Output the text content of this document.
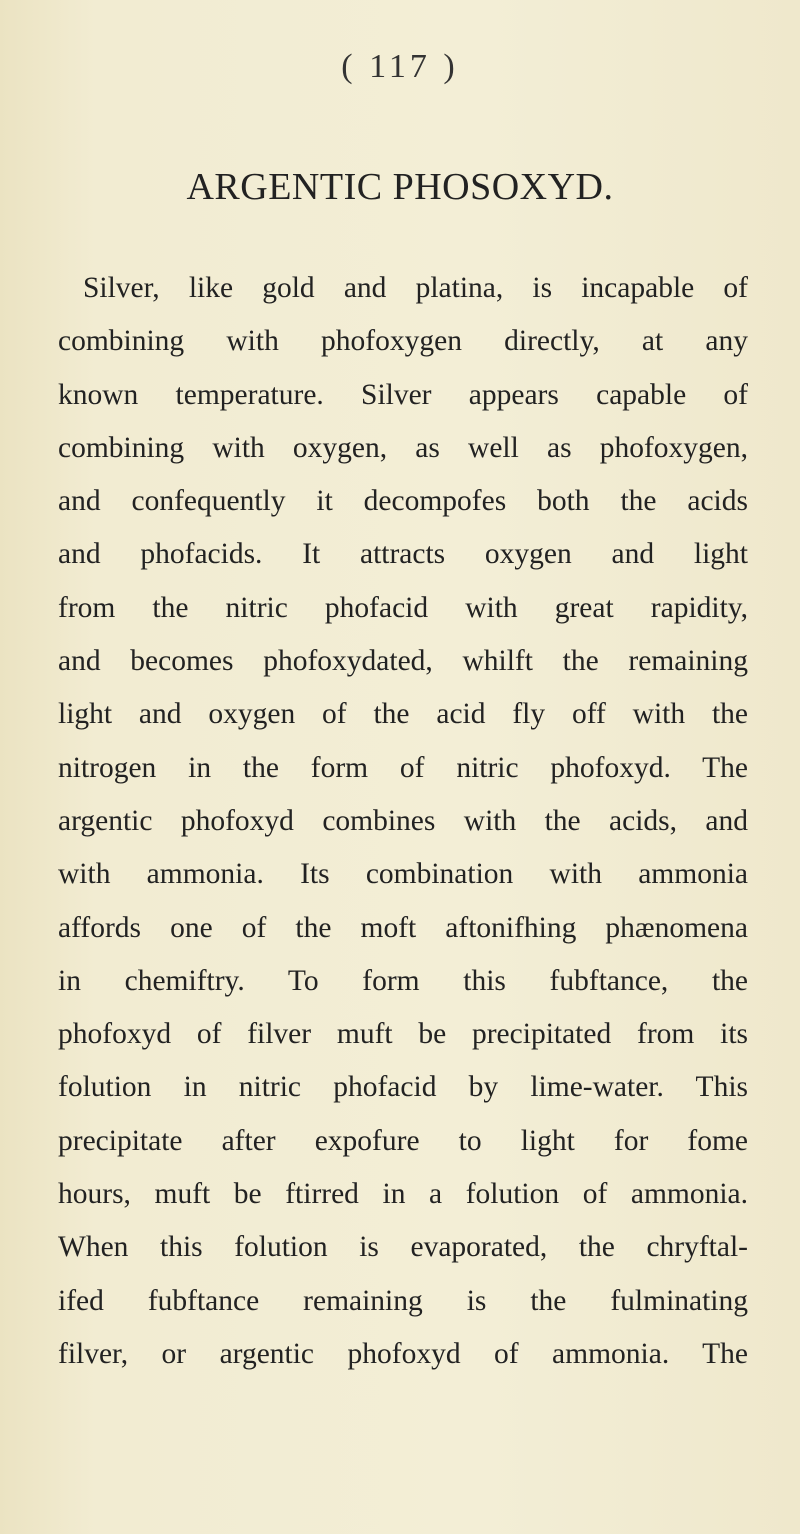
( 117 )
ARGENTIC PHOSOXYD.
Silver, like gold and platina, is incapable of
combining with phofoxygen directly, at any
known temperature. Silver appears capable of
combining with oxygen, as well as phofoxygen,
and confequently it decompofes both the acids
and phofacids. It attracts oxygen and light
from the nitric phofacid with great rapidity,
and becomes phofoxydated, whilft the remaining
light and oxygen of the acid fly off with the
nitrogen in the form of nitric phofoxyd. The
argentic phofoxyd combines with the acids, and
with ammonia. Its combination with ammonia
affords one of the moft aftonifhing phænomena
in chemiftry. To form this fubftance, the
phofoxyd of filver muft be precipitated from its
folution in nitric phofacid by lime-water. This
precipitate after expofure to light for fome
hours, muft be ftirred in a folution of ammonia.
When this folution is evaporated, the chryftal-
ifed fubftance remaining is the fulminating
filver, or argentic phofoxyd of ammonia. The
